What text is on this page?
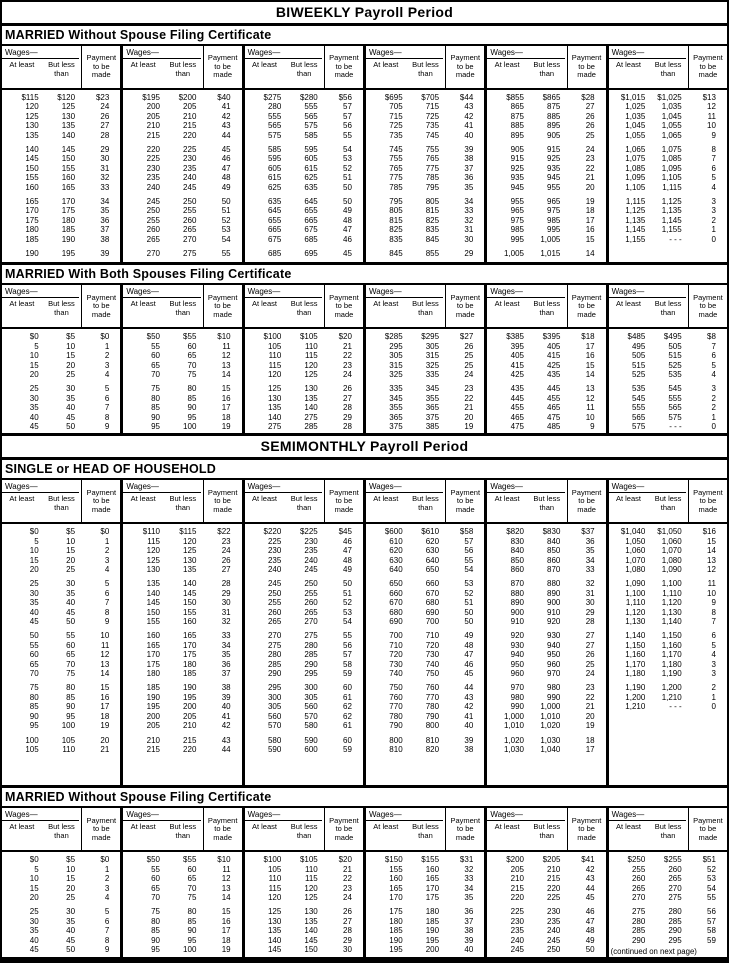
BIWEEKLY Payroll Period
MARRIED Without Spouse Filing Certificate
Wages—
At least	But less than
Payment to be made
$115	$120	$23
120	125	24
125	130	26
130	135	27
135	140	28
140	145	29
145	150	30
150	155	31
155	160	32
160	165	33
165	170	34
170	175	35
175	180	36
180	185	37
185	190	38
190	195	39
Wages—
At least	But less than
Payment to be made
$195	$200	$40
200	205	41
205	210	42
210	215	43
215	220	44
220	225	45
225	230	46
230	235	47
235	240	48
240	245	49
245	250	50
250	255	51
255	260	52
260	265	53
265	270	54
270	275	55
Wages—
At least	But less than
Payment to be made
$275	$280	$56
280	555	57
555	565	57
565	575	56
575	585	55
585	595	54
595	605	53
605	615	52
615	625	51
625	635	50
635	645	50
645	655	49
655	665	48
665	675	47
675	685	46
685	695	45
Wages—
At least	But less than
Payment to be made
$695	$705	$44
705	715	43
715	725	42
725	735	41
735	745	40
745	755	39
755	765	38
765	775	37
775	785	36
785	795	35
795	805	34
805	815	33
815	825	32
825	835	31
835	845	30
845	855	29
Wages—
At least	But less than
Payment to be made
$855	$865	$28
865	875	27
875	885	26
885	895	26
895	905	25
905	915	24
915	925	23
925	935	22
935	945	21
945	955	20
955	965	19
965	975	18
975	985	17
985	995	16
995	1,005	15
1,005	1,015	14
Wages—
At least	But less than
Payment to be made
$1,015	$1,025	$13
1,025	1,035	12
1,035	1,045	11
1,045	1,055	10
1,055	1,065	9
1,065	1,075	8
1,075	1,085	7
1,085	1,095	6
1,095	1,105	5
1,105	1,115	4
1,115	1,125	3
1,125	1,135	3
1,135	1,145	2
1,145	1,155	1
1,155	- - -	0
MARRIED With Both Spouses Filing Certificate
Wages—
At least	But less than
Payment to be made
$0	$5	$0
5	10	1
10	15	2
15	20	3
20	25	4
25	30	5
30	35	6
35	40	7
40	45	8
45	50	9
Wages—
At least	But less than
Payment to be made
$50	$55	$10
55	60	11
60	65	12
65	70	13
70	75	14
75	80	15
80	85	16
85	90	17
90	95	18
95	100	19
Wages—
At least	But less than
Payment to be made
$100	$105	$20
105	110	21
110	115	22
115	120	23
120	125	24
125	130	26
130	135	27
135	140	28
140	275	29
275	285	28
Wages—
At least	But less than
Payment to be made
$285	$295	$27
295	305	26
305	315	25
315	325	25
325	335	24
335	345	23
345	355	22
355	365	21
365	375	20
375	385	19
Wages—
At least	But less than
Payment to be made
$385	$395	$18
395	405	17
405	415	16
415	425	15
425	435	14
435	445	13
445	455	12
455	465	11
465	475	10
475	485	9
Wages—
At least	But less than
Payment to be made
$485	$495	$8
495	505	7
505	515	6
515	525	5
525	535	4
535	545	3
545	555	2
555	565	2
565	575	1
575	- - -	0
SEMIMONTHLY Payroll Period
SINGLE or HEAD OF HOUSEHOLD
Wages—
At least	But less than
Payment to be made
$0	$5	$0
5	10	1
10	15	2
15	20	3
20	25	4
25	30	5
30	35	6
35	40	7
40	45	8
45	50	9
50	55	10
55	60	11
60	65	12
65	70	13
70	75	14
75	80	15
80	85	16
85	90	17
90	95	18
95	100	19
100	105	20
105	110	21
Wages—
At least	But less than
Payment to be made
$110	$115	$22
115	120	23
120	125	24
125	130	26
130	135	27
135	140	28
140	145	29
145	150	30
150	155	31
155	160	32
160	165	33
165	170	34
170	175	35
175	180	36
180	185	37
185	190	38
190	195	39
195	200	40
200	205	41
205	210	42
210	215	43
215	220	44
Wages—
At least	But less than
Payment to be made
$220	$225	$45
225	230	46
230	235	47
235	240	48
240	245	49
245	250	50
250	255	51
255	260	52
260	265	53
265	270	54
270	275	55
275	280	56
280	285	57
285	290	58
290	295	59
295	300	60
300	305	61
305	560	62
560	570	62
570	580	61
580	590	60
590	600	59
Wages—
At least	But less than
Payment to be made
$600	$610	$58
610	620	57
620	630	56
630	640	55
640	650	54
650	660	53
660	670	52
670	680	51
680	690	50
690	700	50
700	710	49
710	720	48
720	730	47
730	740	46
740	750	45
750	760	44
760	770	43
770	780	42
780	790	41
790	800	40
800	810	39
810	820	38
Wages—
At least	But less than
Payment to be made
$820	$830	$37
830	840	36
840	850	35
850	860	34
860	870	33
870	880	32
880	890	31
890	900	30
900	910	29
910	920	28
920	930	27
930	940	27
940	950	26
950	960	25
960	970	24
970	980	23
980	990	22
990	1,000	21
1,000	1,010	20
1,010	1,020	19
1,020	1,030	18
1,030	1,040	17
Wages—
At least	But less than
Payment to be made
$1,040	$1,050	$16
1,050	1,060	15
1,060	1,070	14
1,070	1,080	13
1,080	1,090	12
1,090	1,100	11
1,100	1,110	10
1,110	1,120	9
1,120	1,130	8
1,130	1,140	7
1,140	1,150	6
1,150	1,160	5
1,160	1,170	4
1,170	1,180	3
1,180	1,190	3
1,190	1,200	2
1,200	1,210	1
1,210	- - -	0
MARRIED Without Spouse Filing Certificate
Wages—
At least	But less than
Payment to be made
$0	$5	$0
5	10	1
10	15	2
15	20	3
20	25	4
25	30	5
30	35	6
35	40	7
40	45	8
45	50	9
Wages—
At least	But less than
Payment to be made
$50	$55	$10
55	60	11
60	65	12
65	70	13
70	75	14
75	80	15
80	85	16
85	90	17
90	95	18
95	100	19
Wages—
At least	But less than
Payment to be made
$100	$105	$20
105	110	21
110	115	22
115	120	23
120	125	24
125	130	26
130	135	27
135	140	28
140	145	29
145	150	30
Wages—
At least	But less than
Payment to be made
$150	$155	$31
155	160	32
160	165	33
165	170	34
170	175	35
175	180	36
180	185	37
185	190	38
190	195	39
195	200	40
Wages—
At least	But less than
Payment to be made
$200	$205	$41
205	210	42
210	215	43
215	220	44
220	225	45
225	230	46
230	235	47
235	240	48
240	245	49
245	250	50
Wages—
At least	But less than
Payment to be made
$250	$255	$51
255	260	52
260	265	53
265	270	54
270	275	55
275	280	56
280	285	57
285	290	58
290	295	59
(continued on next page)
